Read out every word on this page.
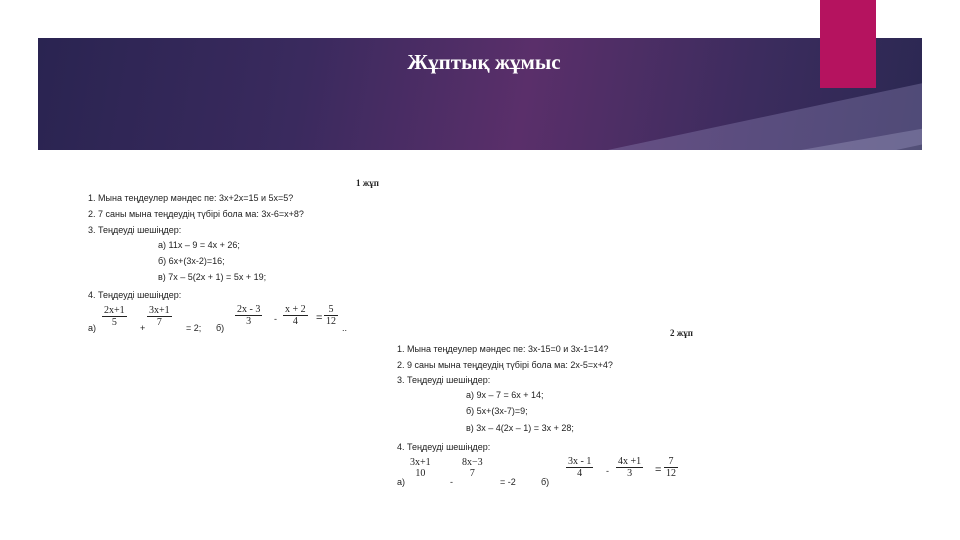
Жұптық жұмыс
1 жұп
1. Мына теңдеулер мәндес пе: 3x+2x=15 и 5x=5?
2. 7 саны мына теңдеудің түбірі бола ма: 3x-6=x+8?
3. Теңдеуді шешіңдер:
а) 11x – 9 = 4x + 26;
б) 6x+(3x-2)=16;
в) 7x – 5(2x + 1) = 5x + 19;
4. Теңдеуді шешіңдер:
$а) \frac{2x+1}{5} + \frac{3x+1}{7} = 2$; б)
$\frac{2x - 3}{3} - \frac{x + 2}{4} = \frac{5}{12}$
..	2 жұп
1. Мына теңдеулер мәндес пе: 3x-15=0 и 3x-1=14?
2. 9 саны мына теңдеудің түбірі бола ма: 2x-5=x+4?
3. Теңдеуді шешіңдер:
а) 9x – 7 = 6x + 14;
б) 5x+(3x-7)=9;
в) 3x – 4(2x – 1) = 3x + 28;
4. Теңдеуді шешіңдер:
а)
3x+1
10
-
8x−3
7
= -2	б)
$\frac{3x - 1}{4} - \frac{4x +1}{3} = \frac{7}{12}$
